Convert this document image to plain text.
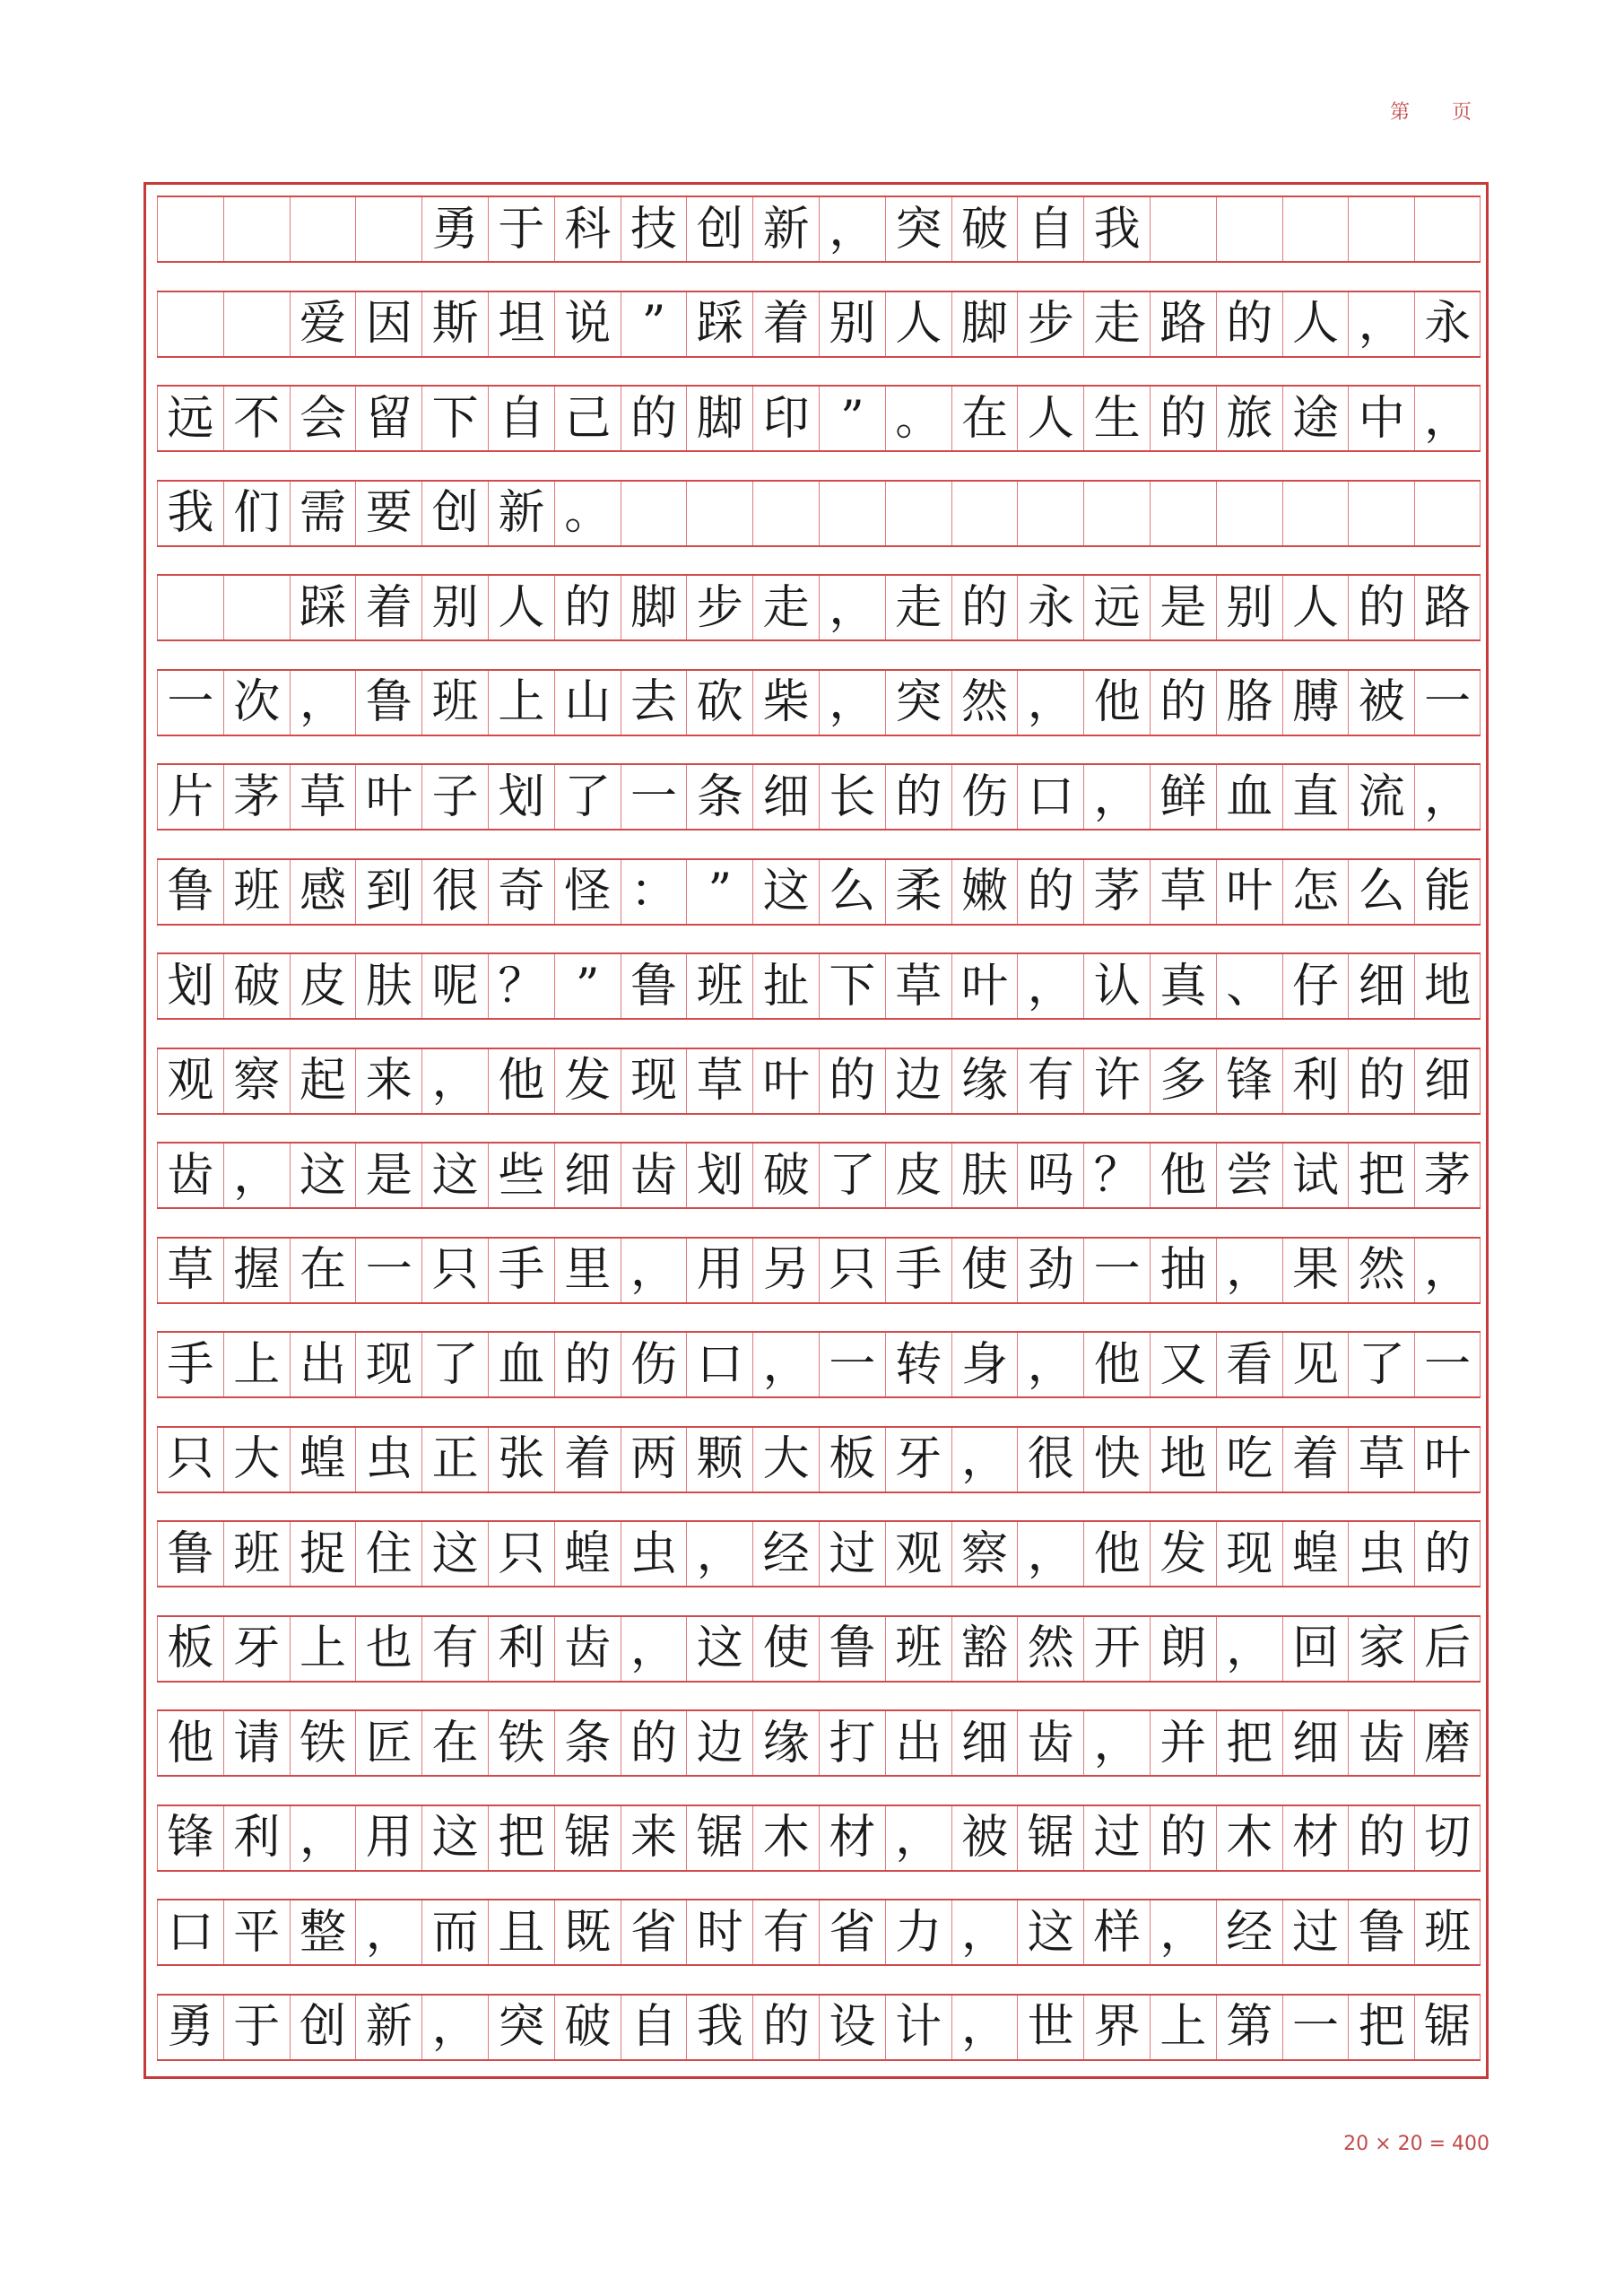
第 页
勇 于 科 技 创 新 ， 突 破 自 我
爱 因 斯 坦 说 ” 踩 着 别 人 脚 步 走 路 的 人 ， 永
远 不 会 留 下 自 己 的 脚 印 ” 。 在 人 生 的 旅 途 中 ，
我 们 需 要 创 新 。
踩 着 别 人 的 脚 步 走 ， 走 的 永 远 是 别 人 的 路
一 次 ， 鲁 班 上 山 去 砍 柴 ， 突 然 ， 他 的 胳 膊 被 一
片 茅 草 叶 子 划 了 一 条 细 长 的 伤 口 ， 鲜 血 直 流 ，
鲁 班 感 到 很 奇 怪 ： ” 这 么 柔 嫩 的 茅 草 叶 怎 么 能
划 破 皮 肤 呢 ？ ” 鲁 班 扯 下 草 叶 ， 认 真 、 仔 细 地
观 察 起 来 ， 他 发 现 草 叶 的 边 缘 有 许 多 锋 利 的 细
齿 ， 这 是 这 些 细 齿 划 破 了 皮 肤 吗 ？ 他 尝 试 把 茅
草 握 在 一 只 手 里 ， 用 另 只 手 使 劲 一 抽 ， 果 然 ，
手 上 出 现 了 血 的 伤 口 ， 一 转 身 ， 他 又 看 见 了 一
只 大 蝗 虫 正 张 着 两 颗 大 板 牙 ， 很 快 地 吃 着 草 叶
鲁 班 捉 住 这 只 蝗 虫 ， 经 过 观 察 ， 他 发 现 蝗 虫 的
板 牙 上 也 有 利 齿 ， 这 使 鲁 班 豁 然 开 朗 ， 回 家 后
他 请 铁 匠 在 铁 条 的 边 缘 打 出 细 齿 ， 并 把 细 齿 磨
锋 利 ， 用 这 把 锯 来 锯 木 材 ， 被 锯 过 的 木 材 的 切
口 平 整 ， 而 且 既 省 时 有 省 力 ， 这 样 ， 经 过 鲁 班
勇 于 创 新 ， 突 破 自 我 的 设 计 ， 世 界 上 第 一 把 锯
20 × 20 = 400
